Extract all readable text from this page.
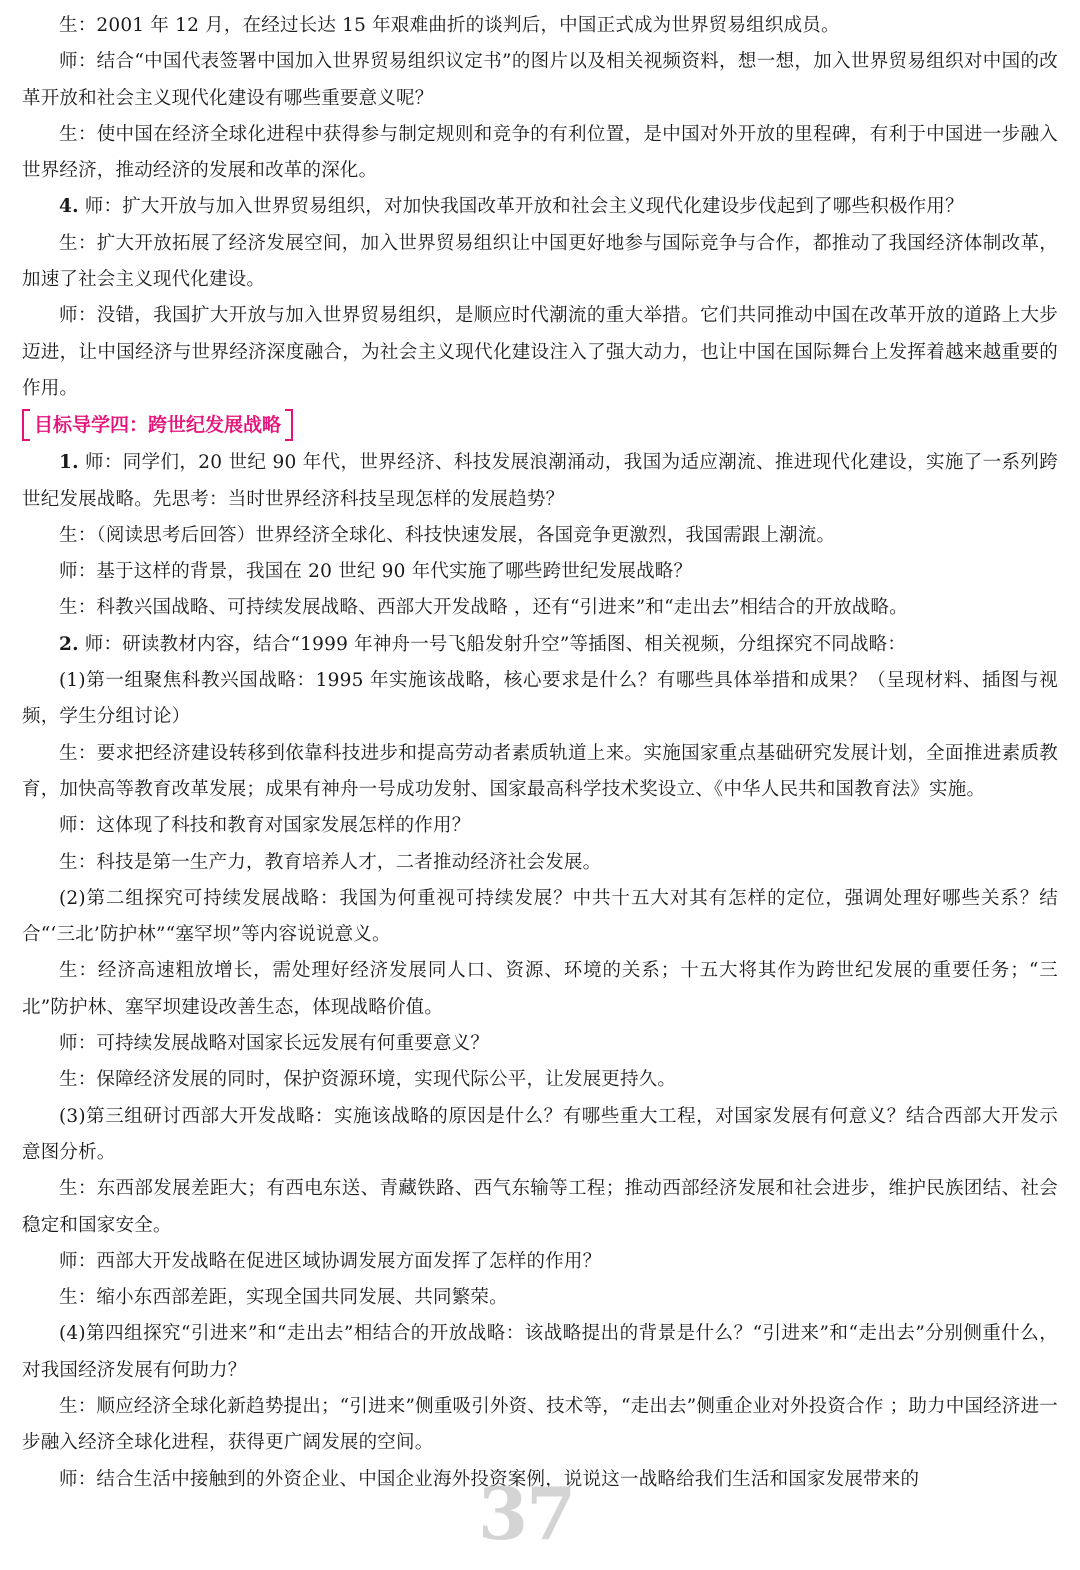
生：2001 年 12 月，在经过长达 15 年艰难曲折的谈判后，中国正式成为世界贸易组织成员。

师：结合“中国代表签署中国加入世界贸易组织议定书”的图片以及相关视频资料，想一想，加入世界贸易组织对中国的改革开放和社会主义现代化建设有哪些重要意义呢？

生：使中国在经济全球化进程中获得参与制定规则和竞争的有利位置，是中国对外开放的里程碑，有利于中国进一步融入世界经济，推动经济的发展和改革的深化。

4. 师：扩大开放与加入世界贸易组织，对加快我国改革开放和社会主义现代化建设步伐起到了哪些积极作用？

生：扩大开放拓展了经济发展空间，加入世界贸易组织让中国更好地参与国际竞争与合作，都推动了我国经济体制改革，加速了社会主义现代化建设。

师：没错，我国扩大开放与加入世界贸易组织，是顺应时代潮流的重大举措。它们共同推动中国在改革开放的道路上大步迈进，让中国经济与世界经济深度融合，为社会主义现代化建设注入了强大动力，也让中国在国际舞台上发挥着越来越重要的作用。

目标导学四：跨世纪发展战略

1. 师：同学们，20 世纪 90 年代，世界经济、科技发展浪潮涌动，我国为适应潮流、推进现代化建设，实施了一系列跨世纪发展战略。先思考：当时世界经济科技呈现怎样的发展趋势？

生：（阅读思考后回答）世界经济全球化、科技快速发展，各国竞争更激烈，我国需跟上潮流。

师：基于这样的背景，我国在 20 世纪 90 年代实施了哪些跨世纪发展战略？

生：科教兴国战略、可持续发展战略、西部大开发战略 ，还有“引进来”和“走出去”相结合的开放战略。

2. 师：研读教材内容，结合“1999 年神舟一号飞船发射升空”等插图、相关视频，分组探究不同战略：

(1)第一组聚焦科教兴国战略：1995 年实施该战略，核心要求是什么？有哪些具体举措和成果？（呈现材料、插图与视频，学生分组讨论）

生：要求把经济建设转移到依靠科技进步和提高劳动者素质轨道上来。实施国家重点基础研究发展计划，全面推进素质教育，加快高等教育改革发展；成果有神舟一号成功发射、国家最高科学技术奖设立、《中华人民共和国教育法》实施。

师：这体现了科技和教育对国家发展怎样的作用？

生：科技是第一生产力，教育培养人才，二者推动经济社会发展。

(2)第二组探究可持续发展战略：我国为何重视可持续发展？中共十五大对其有怎样的定位，强调处理好哪些关系？结合“‘三北’防护林”“塞罕坝”等内容说说意义。

生：经济高速粗放增长，需处理好经济发展同人口、资源、环境的关系；十五大将其作为跨世纪发展的重要任务；“三北”防护林、塞罕坝建设改善生态，体现战略价值。

师：可持续发展战略对国家长远发展有何重要意义？

生：保障经济发展的同时，保护资源环境，实现代际公平，让发展更持久。

(3)第三组研讨西部大开发战略：实施该战略的原因是什么？有哪些重大工程，对国家发展有何意义？结合西部大开发示意图分析。

生：东西部发展差距大；有西电东送、青藏铁路、西气东输等工程；推动西部经济发展和社会进步，维护民族团结、社会稳定和国家安全。

师：西部大开发战略在促进区域协调发展方面发挥了怎样的作用？

生：缩小东西部差距，实现全国共同发展、共同繁荣。

(4)第四组探究“引进来”和“走出去”相结合的开放战略：该战略提出的背景是什么？“引进来”和“走出去”分别侧重什么，对我国经济发展有何助力？

生：顺应经济全球化新趋势提出；“引进来”侧重吸引外资、技术等，“走出去”侧重企业对外投资合作 ；助力中国经济进一步融入经济全球化进程，获得更广阔发展的空间。

师：结合生活中接触到的外资企业、中国企业海外投资案例，说说这一战略给我们生活和国家发展带来的

37
